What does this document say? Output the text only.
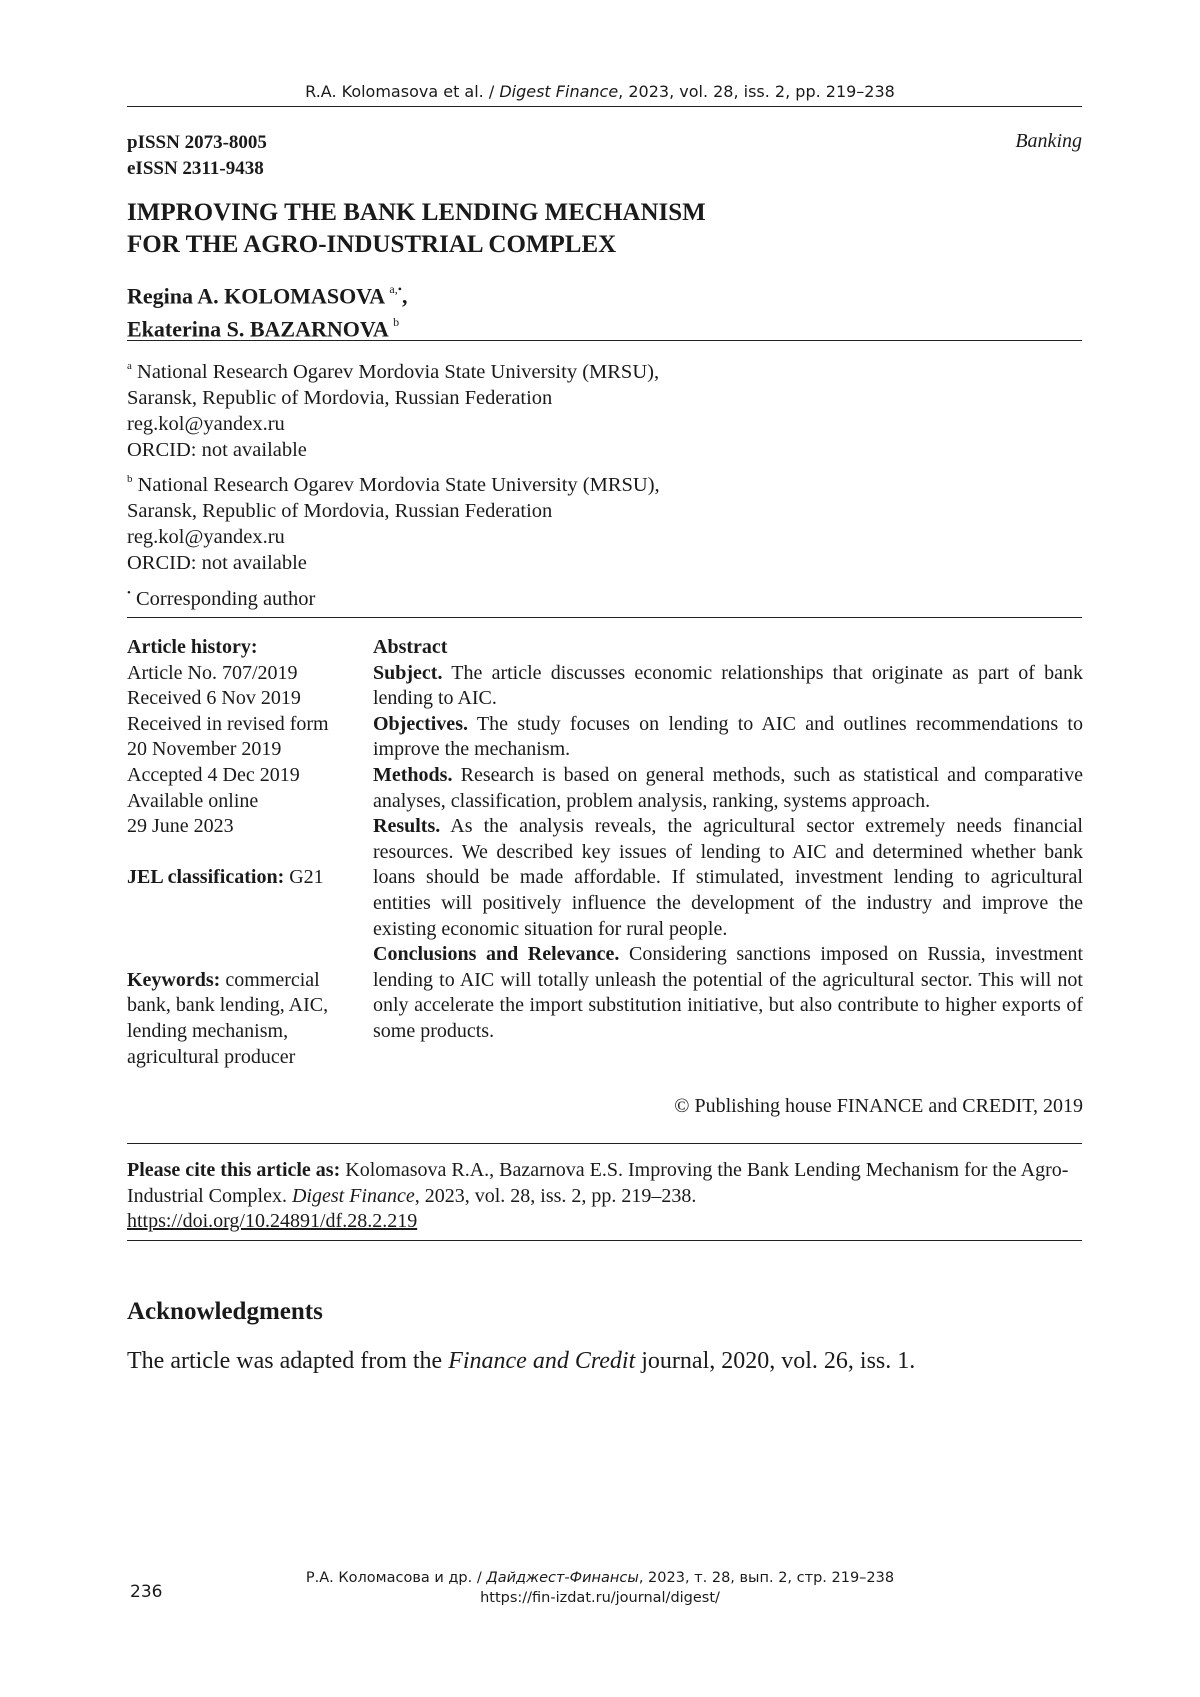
R.A. Kolomasova et al. / Digest Finance, 2023, vol. 28, iss. 2, pp. 219–238
pISSN 2073-8005
eISSN 2311-9438
Banking
IMPROVING THE BANK LENDING MECHANISM
FOR THE AGRO-INDUSTRIAL COMPLEX
Regina A. KOLOMASOVA $^{a,•}$,
Ekaterina S. BAZARNOVA $^b$
$^a$ National Research Ogarev Mordovia State University (MRSU),
Saransk, Republic of Mordovia, Russian Federation
reg.kol@yandex.ru
ORCID: not available
$^b$ National Research Ogarev Mordovia State University (MRSU),
Saransk, Republic of Mordovia, Russian Federation
reg.kol@yandex.ru
ORCID: not available
• Corresponding author
Article history:
Article No. 707/2019
Received 6 Nov 2019
Received in revised form
20 November 2019
Accepted 4 Dec 2019
Available online
29 June 2023
JEL classification: G21
Keywords: commercial bank, bank lending, AIC, lending mechanism, agricultural producer

Abstract

Subject. The article discusses economic relationships that originate as part of bank lending to AIC.

Objectives. The study focuses on lending to AIC and outlines recommendations to improve the mechanism.

Methods. Research is based on general methods, such as statistical and comparative analyses, classification, problem analysis, ranking, systems approach.

Results. As the analysis reveals, the agricultural sector extremely needs financial resources. We described key issues of lending to AIC and determined whether bank loans should be made affordable. If stimulated, investment lending to agricultural entities will positively influence the development of the industry and improve the existing economic situation for rural people.

Conclusions and Relevance. Considering sanctions imposed on Russia, investment lending to AIC will totally unleash the potential of the agricultural sector. This will not only accelerate the import substitution initiative, but also contribute to higher exports of some products.

© Publishing house FINANCE and CREDIT, 2019
Please cite this article as: Kolomasova R.A., Bazarnova E.S. Improving the Bank Lending Mechanism for the Agro-Industrial Complex. Digest Finance, 2023, vol. 28, iss. 2, pp. 219–238.
https://doi.org/10.24891/df.28.2.219
Acknowledgments
The article was adapted from the Finance and Credit journal, 2020, vol. 26, iss. 1.
236
Р.А. Коломасова и др. / Дайджест-Финансы, 2023, т. 28, вып. 2, стр. 219–238
https://fin-izdat.ru/journal/digest/
